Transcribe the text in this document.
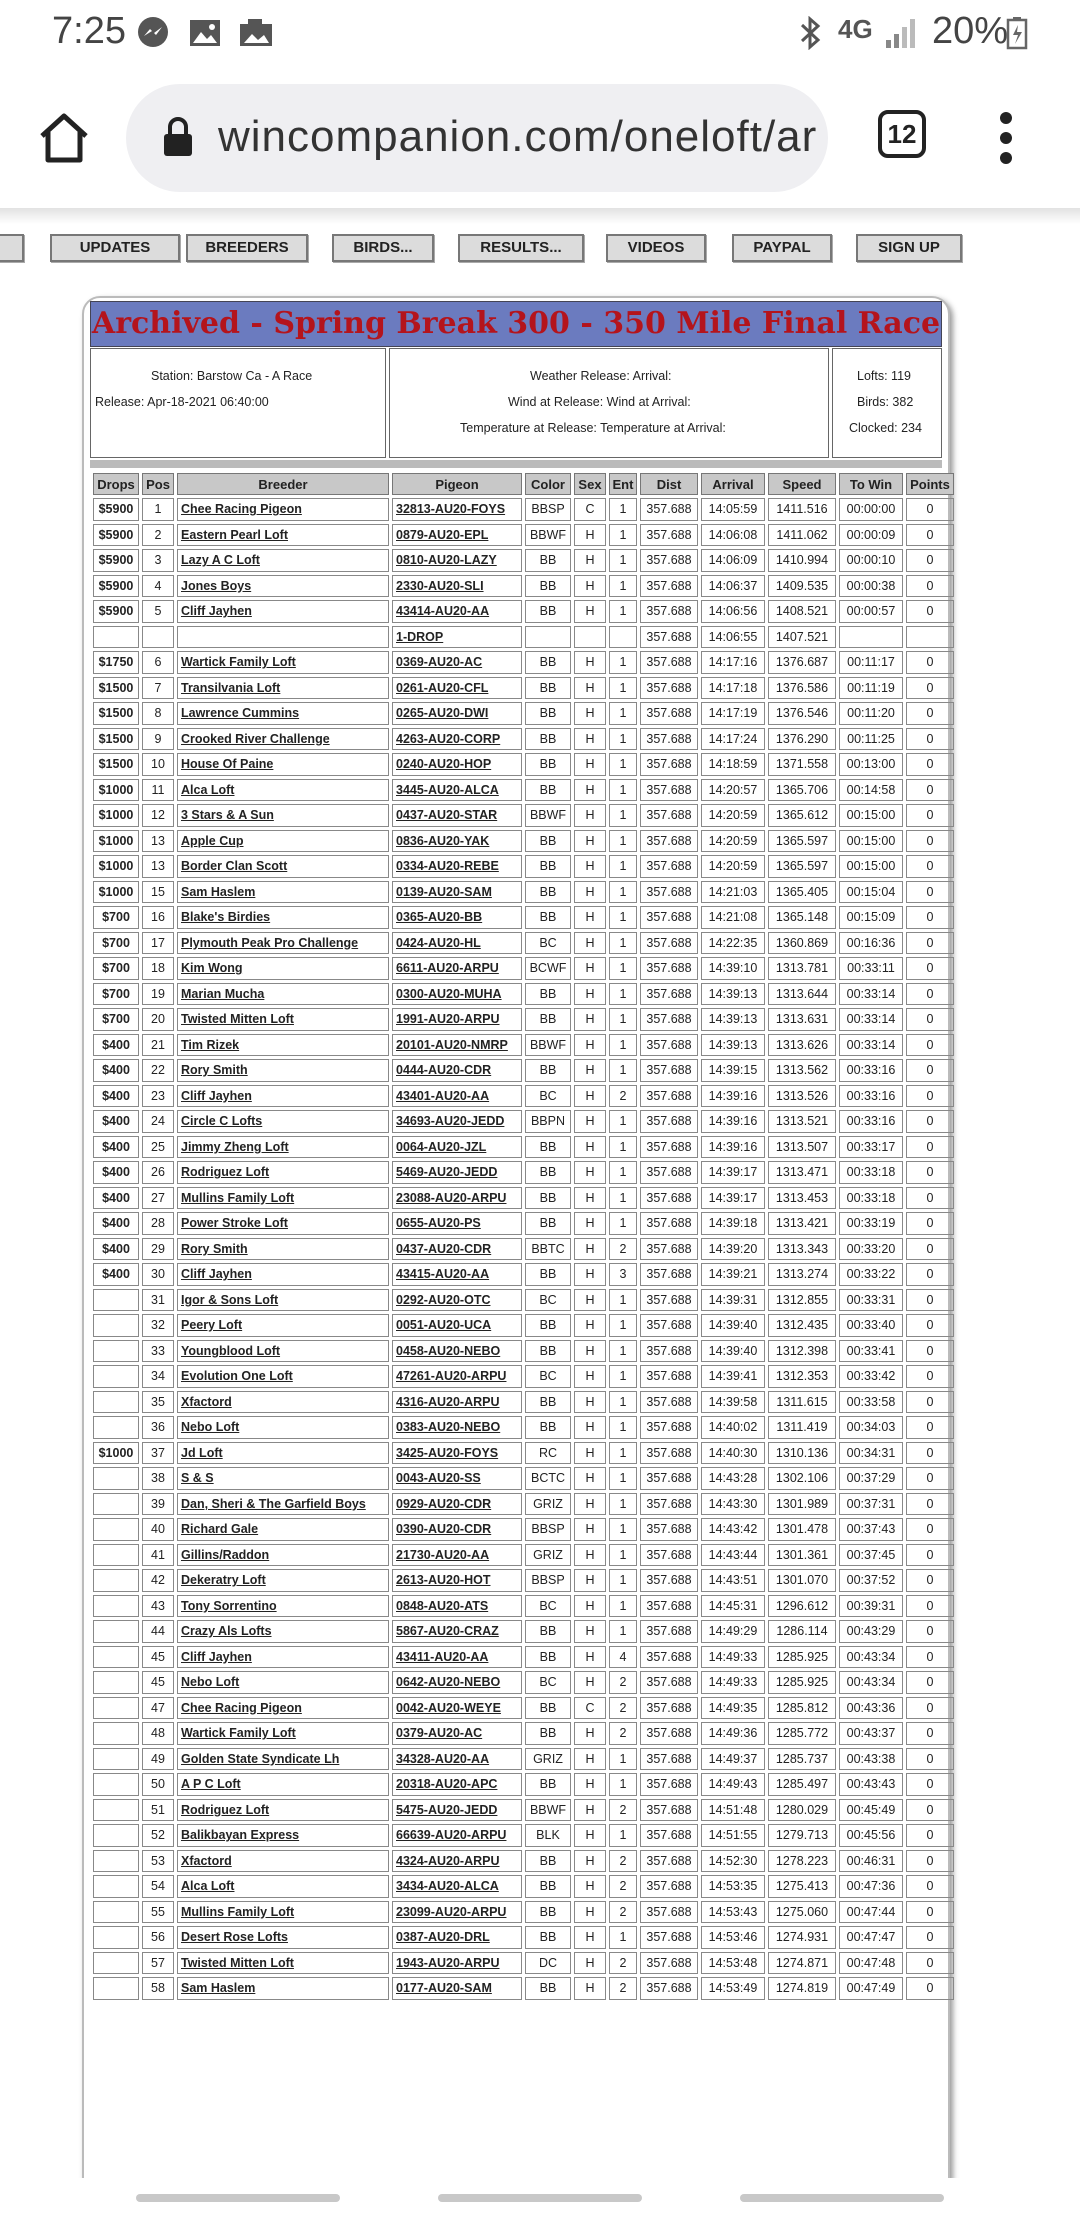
7:25	4G 20%
wincompanion.com/oneloft/ar	12
UPDATES	BREEDERS	BIRDS...	RESULTS...	VIDEOS	PAYPAL	SIGN UP
Archived - Spring Break 300 - 350 Mile Final Race
Station: Barstow Ca - A Race
Release: Apr-18-2021 06:40:00
Weather Release: Arrival:
Wind at Release: Wind at Arrival:
Temperature at Release: Temperature at Arrival:
Lofts: 119
Birds: 382
Clocked: 234
Drops	Pos	Breeder	Pigeon	Color	Sex	Ent	Dist	Arrival	Speed	To Win	Points
$5900	1	Chee Racing Pigeon	32813-AU20-FOYS	BBSP	C	1	357.688	14:05:59	1411.516	00:00:00	0
$5900	2	Eastern Pearl Loft	0879-AU20-EPL	BBWF	H	1	357.688	14:06:08	1411.062	00:00:09	0
$5900	3	Lazy A C Loft	0810-AU20-LAZY	BB	H	1	357.688	14:06:09	1410.994	00:00:10	0
$5900	4	Jones Boys	2330-AU20-SLI	BB	H	1	357.688	14:06:37	1409.535	00:00:38	0
$5900	5	Cliff Jayhen	43414-AU20-AA	BB	H	1	357.688	14:06:56	1408.521	00:00:57	0
			1-DROP				357.688	14:06:55	1407.521		
$1750	6	Wartick Family Loft	0369-AU20-AC	BB	H	1	357.688	14:17:16	1376.687	00:11:17	0
$1500	7	Transilvania Loft	0261-AU20-CFL	BB	H	1	357.688	14:17:18	1376.586	00:11:19	0
$1500	8	Lawrence Cummins	0265-AU20-DWI	BB	H	1	357.688	14:17:19	1376.546	00:11:20	0
$1500	9	Crooked River Challenge	4263-AU20-CORP	BB	H	1	357.688	14:17:24	1376.290	00:11:25	0
$1500	10	House Of Paine	0240-AU20-HOP	BB	H	1	357.688	14:18:59	1371.558	00:13:00	0
$1000	11	Alca Loft	3445-AU20-ALCA	BB	H	1	357.688	14:20:57	1365.706	00:14:58	0
$1000	12	3 Stars & A Sun	0437-AU20-STAR	BBWF	H	1	357.688	14:20:59	1365.612	00:15:00	0
$1000	13	Apple Cup	0836-AU20-YAK	BB	H	1	357.688	14:20:59	1365.597	00:15:00	0
$1000	13	Border Clan Scott	0334-AU20-REBE	BB	H	1	357.688	14:20:59	1365.597	00:15:00	0
$1000	15	Sam Haslem	0139-AU20-SAM	BB	H	1	357.688	14:21:03	1365.405	00:15:04	0
$700	16	Blake's Birdies	0365-AU20-BB	BB	H	1	357.688	14:21:08	1365.148	00:15:09	0
$700	17	Plymouth Peak Pro Challenge	0424-AU20-HL	BC	H	1	357.688	14:22:35	1360.869	00:16:36	0
$700	18	Kim Wong	6611-AU20-ARPU	BCWF	H	1	357.688	14:39:10	1313.781	00:33:11	0
$700	19	Marian Mucha	0300-AU20-MUHA	BB	H	1	357.688	14:39:13	1313.644	00:33:14	0
$700	20	Twisted Mitten Loft	1991-AU20-ARPU	BB	H	1	357.688	14:39:13	1313.631	00:33:14	0
$400	21	Tim Rizek	20101-AU20-NMRP	BBWF	H	1	357.688	14:39:13	1313.626	00:33:14	0
$400	22	Rory Smith	0444-AU20-CDR	BB	H	1	357.688	14:39:15	1313.562	00:33:16	0
$400	23	Cliff Jayhen	43401-AU20-AA	BC	H	2	357.688	14:39:16	1313.526	00:33:16	0
$400	24	Circle C Lofts	34693-AU20-JEDD	BBPN	H	1	357.688	14:39:16	1313.521	00:33:16	0
$400	25	Jimmy Zheng Loft	0064-AU20-JZL	BB	H	1	357.688	14:39:16	1313.507	00:33:17	0
$400	26	Rodriguez Loft	5469-AU20-JEDD	BB	H	1	357.688	14:39:17	1313.471	00:33:18	0
$400	27	Mullins Family Loft	23088-AU20-ARPU	BB	H	1	357.688	14:39:17	1313.453	00:33:18	0
$400	28	Power Stroke Loft	0655-AU20-PS	BB	H	1	357.688	14:39:18	1313.421	00:33:19	0
$400	29	Rory Smith	0437-AU20-CDR	BBTC	H	2	357.688	14:39:20	1313.343	00:33:20	0
$400	30	Cliff Jayhen	43415-AU20-AA	BB	H	3	357.688	14:39:21	1313.274	00:33:22	0
	31	Igor & Sons Loft	0292-AU20-OTC	BC	H	1	357.688	14:39:31	1312.855	00:33:31	0
	32	Peery Loft	0051-AU20-UCA	BB	H	1	357.688	14:39:40	1312.435	00:33:40	0
	33	Youngblood Loft	0458-AU20-NEBO	BB	H	1	357.688	14:39:40	1312.398	00:33:41	0
	34	Evolution One Loft	47261-AU20-ARPU	BC	H	1	357.688	14:39:41	1312.353	00:33:42	0
	35	Xfactord	4316-AU20-ARPU	BB	H	1	357.688	14:39:58	1311.615	00:33:58	0
	36	Nebo Loft	0383-AU20-NEBO	BB	H	1	357.688	14:40:02	1311.419	00:34:03	0
$1000	37	Jd Loft	3425-AU20-FOYS	RC	H	1	357.688	14:40:30	1310.136	00:34:31	0
	38	S & S	0043-AU20-SS	BCTC	H	1	357.688	14:43:28	1302.106	00:37:29	0
	39	Dan, Sheri & The Garfield Boys	0929-AU20-CDR	GRIZ	H	1	357.688	14:43:30	1301.989	00:37:31	0
	40	Richard Gale	0390-AU20-CDR	BBSP	H	1	357.688	14:43:42	1301.478	00:37:43	0
	41	Gillins/Raddon	21730-AU20-AA	GRIZ	H	1	357.688	14:43:44	1301.361	00:37:45	0
	42	Dekeratry Loft	2613-AU20-HOT	BBSP	H	1	357.688	14:43:51	1301.070	00:37:52	0
	43	Tony Sorrentino	0848-AU20-ATS	BC	H	1	357.688	14:45:31	1296.612	00:39:31	0
	44	Crazy Als Lofts	5867-AU20-CRAZ	BB	H	1	357.688	14:49:29	1286.114	00:43:29	0
	45	Cliff Jayhen	43411-AU20-AA	BB	H	4	357.688	14:49:33	1285.925	00:43:34	0
	45	Nebo Loft	0642-AU20-NEBO	BC	H	2	357.688	14:49:33	1285.925	00:43:34	0
	47	Chee Racing Pigeon	0042-AU20-WEYE	BB	C	2	357.688	14:49:35	1285.812	00:43:36	0
	48	Wartick Family Loft	0379-AU20-AC	BB	H	2	357.688	14:49:36	1285.772	00:43:37	0
	49	Golden State Syndicate Lh	34328-AU20-AA	GRIZ	H	1	357.688	14:49:37	1285.737	00:43:38	0
	50	A P C Loft	20318-AU20-APC	BB	H	1	357.688	14:49:43	1285.497	00:43:43	0
	51	Rodriguez Loft	5475-AU20-JEDD	BBWF	H	2	357.688	14:51:48	1280.029	00:45:49	0
	52	Balikbayan Express	66639-AU20-ARPU	BLK	H	1	357.688	14:51:55	1279.713	00:45:56	0
	53	Xfactord	4324-AU20-ARPU	BB	H	2	357.688	14:52:30	1278.223	00:46:31	0
	54	Alca Loft	3434-AU20-ALCA	BB	H	2	357.688	14:53:35	1275.413	00:47:36	0
	55	Mullins Family Loft	23099-AU20-ARPU	BB	H	2	357.688	14:53:43	1275.060	00:47:44	0
	56	Desert Rose Lofts	0387-AU20-DRL	BB	H	1	357.688	14:53:46	1274.931	00:47:47	0
	57	Twisted Mitten Loft	1943-AU20-ARPU	DC	H	2	357.688	14:53:48	1274.871	00:47:48	0
	58	Sam Haslem	0177-AU20-SAM	BB	H	2	357.688	14:53:49	1274.819	00:47:49	0
